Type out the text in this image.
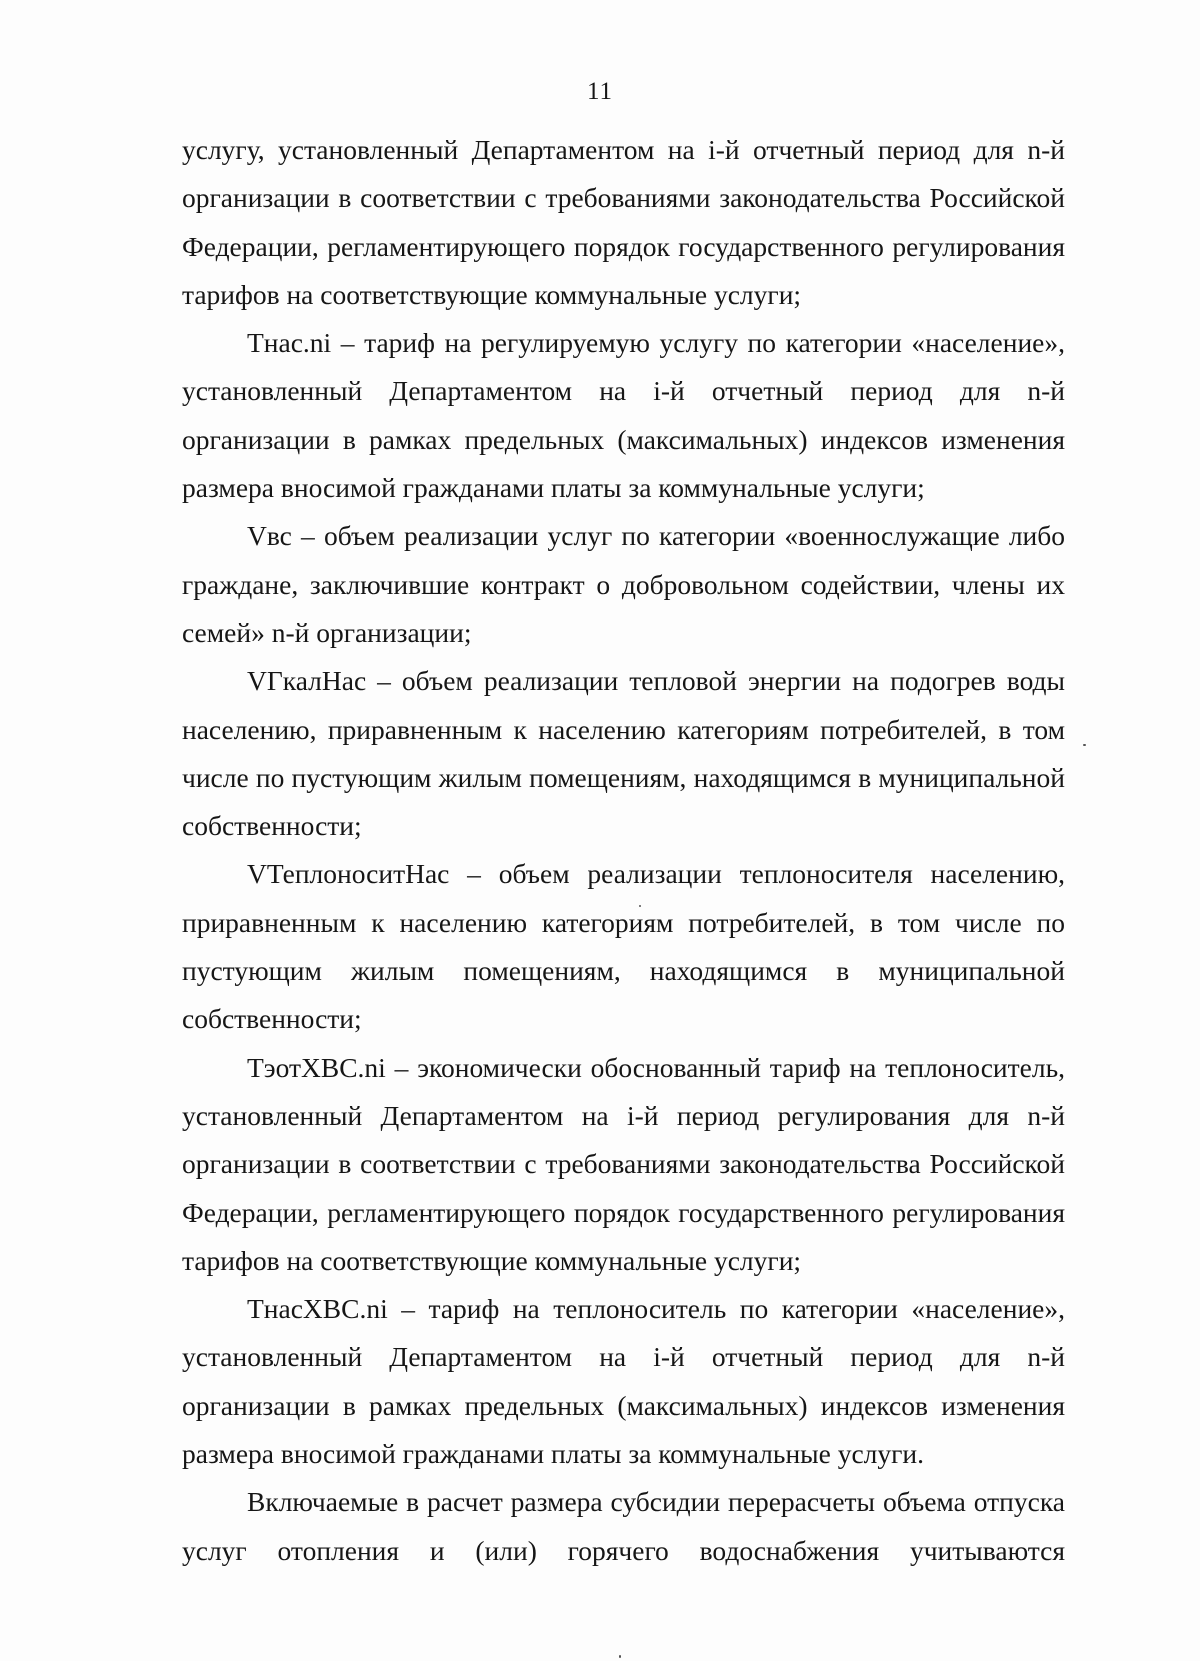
11

услугу, установленный Департаментом на i-й отчетный период для n-й организации в соответствии с требованиями законодательства Российской Федерации, регламентирующего порядок государственного регулирования тарифов на соответствующие коммунальные услуги;

Тнас.ni – тариф на регулируемую услугу по категории «население», установленный Департаментом на i-й отчетный период для n-й организации в рамках предельных (максимальных) индексов изменения размера вносимой гражданами платы за коммунальные услуги;

Vвс – объем реализации услуг по категории «военнослужащие либо граждане, заключившие контракт о добровольном содействии, члены их семей» n-й организации;

VГкалНас – объем реализации тепловой энергии на подогрев воды населению, приравненным к населению категориям потребителей, в том числе по пустующим жилым помещениям, находящимся в муниципальной собственности;

VТеплоноситНас – объем реализации теплоносителя населению, приравненным к населению категориям потребителей, в том числе по пустующим жилым помещениям, находящимся в муниципальной собственности;

ТэотХВС.ni – экономически обоснованный тариф на теплоноситель, установленный Департаментом на i-й период регулирования для n-й организации в соответствии с требованиями законодательства Российской Федерации, регламентирующего порядок государственного регулирования тарифов на соответствующие коммунальные услуги;

ТнасХВС.ni – тариф на теплоноситель по категории «население», установленный Департаментом на i-й отчетный период для n-й организации в рамках предельных (максимальных) индексов изменения размера вносимой гражданами платы за коммунальные услуги.

Включаемые в расчет размера субсидии перерасчеты объема отпуска услуг отопления и (или) горячего водоснабжения учитываются
